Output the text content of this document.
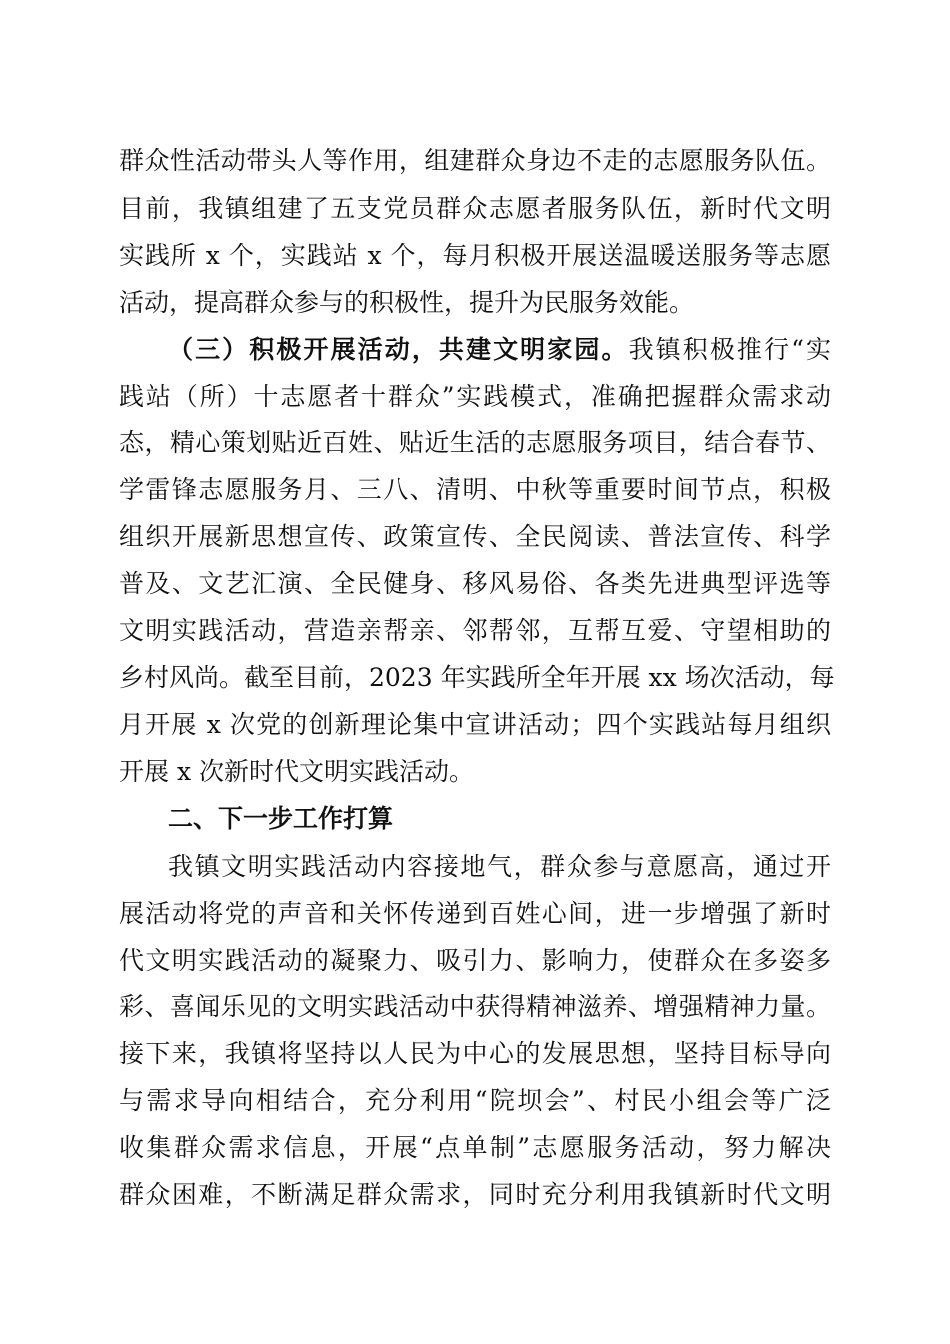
群众性活动带头人等作用，组建群众身边不走的志愿服务队伍。
目前，我镇组建了五支党员群众志愿者服务队伍，新时代文明
实践所 x 个，实践站 x 个，每月积极开展送温暖送服务等志愿
活动，提高群众参与的积极性，提升为民服务效能。
（三）积极开展活动，共建文明家园。我镇积极推行“实
践站（所）十志愿者十群众”实践模式，准确把握群众需求动
态，精心策划贴近百姓、贴近生活的志愿服务项目，结合春节、
学雷锋志愿服务月、三八、清明、中秋等重要时间节点，积极
组织开展新思想宣传、政策宣传、全民阅读、普法宣传、科学
普及、文艺汇演、全民健身、移风易俗、各类先进典型评选等
文明实践活动，营造亲帮亲、邻帮邻，互帮互爱、守望相助的
乡村风尚。截至目前，2023 年实践所全年开展 xx 场次活动，每
月开展 x 次党的创新理论集中宣讲活动；四个实践站每月组织
开展 x 次新时代文明实践活动。
二、下一步工作打算
我镇文明实践活动内容接地气，群众参与意愿高，通过开
展活动将党的声音和关怀传递到百姓心间，进一步增强了新时
代文明实践活动的凝聚力、吸引力、影响力，使群众在多姿多
彩、喜闻乐见的文明实践活动中获得精神滋养、增强精神力量。
接下来，我镇将坚持以人民为中心的发展思想，坚持目标导向
与需求导向相结合，充分利用“院坝会”、村民小组会等广泛
收集群众需求信息，开展“点单制”志愿服务活动，努力解决
群众困难，不断满足群众需求，同时充分利用我镇新时代文明
